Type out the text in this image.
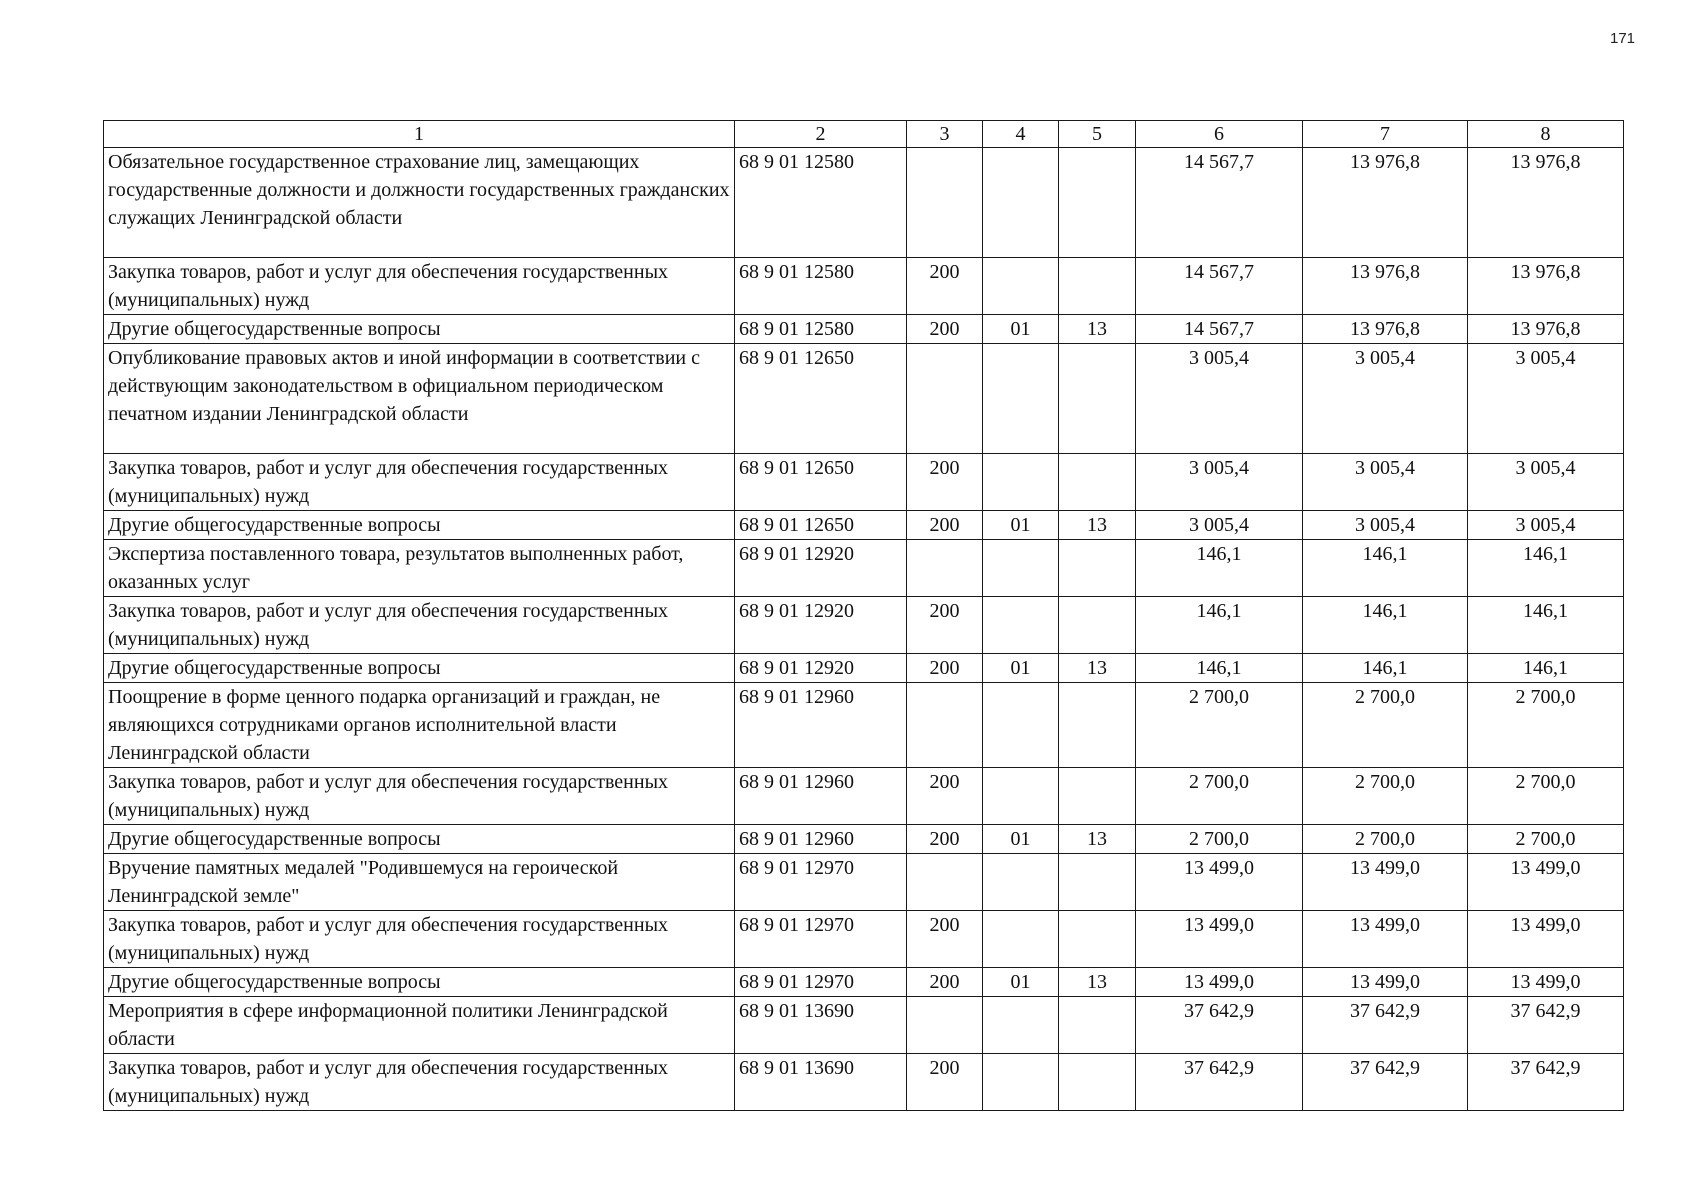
171
1	2	3	4	5	6	7	8
Обязательное государственное страхование лиц, замещающих государственные должности и должности государственных гражданских служащих Ленинградской области	68 9 01 12580				14 567,7	13 976,8	13 976,8
Закупка товаров, работ и услуг для обеспечения государственных (муниципальных) нужд	68 9 01 12580	200			14 567,7	13 976,8	13 976,8
Другие общегосударственные вопросы	68 9 01 12580	200	01	13	14 567,7	13 976,8	13 976,8
Опубликование правовых актов и иной информации в соответствии с действующим законодательством в официальном периодическом печатном издании Ленинградской области	68 9 01 12650				3 005,4	3 005,4	3 005,4
Закупка товаров, работ и услуг для обеспечения государственных (муниципальных) нужд	68 9 01 12650	200			3 005,4	3 005,4	3 005,4
Другие общегосударственные вопросы	68 9 01 12650	200	01	13	3 005,4	3 005,4	3 005,4
Экспертиза поставленного товара, результатов выполненных работ, оказанных услуг	68 9 01 12920				146,1	146,1	146,1
Закупка товаров, работ и услуг для обеспечения государственных (муниципальных) нужд	68 9 01 12920	200			146,1	146,1	146,1
Другие общегосударственные вопросы	68 9 01 12920	200	01	13	146,1	146,1	146,1
Поощрение в форме ценного подарка организаций и граждан, не являющихся сотрудниками органов исполнительной власти Ленинградской области	68 9 01 12960				2 700,0	2 700,0	2 700,0
Закупка товаров, работ и услуг для обеспечения государственных (муниципальных) нужд	68 9 01 12960	200			2 700,0	2 700,0	2 700,0
Другие общегосударственные вопросы	68 9 01 12960	200	01	13	2 700,0	2 700,0	2 700,0
Вручение памятных медалей "Родившемуся на героической Ленинградской земле"	68 9 01 12970				13 499,0	13 499,0	13 499,0
Закупка товаров, работ и услуг для обеспечения государственных (муниципальных) нужд	68 9 01 12970	200			13 499,0	13 499,0	13 499,0
Другие общегосударственные вопросы	68 9 01 12970	200	01	13	13 499,0	13 499,0	13 499,0
Мероприятия в сфере информационной политики Ленинградской области	68 9 01 13690				37 642,9	37 642,9	37 642,9
Закупка товаров, работ и услуг для обеспечения государственных (муниципальных) нужд	68 9 01 13690	200			37 642,9	37 642,9	37 642,9
